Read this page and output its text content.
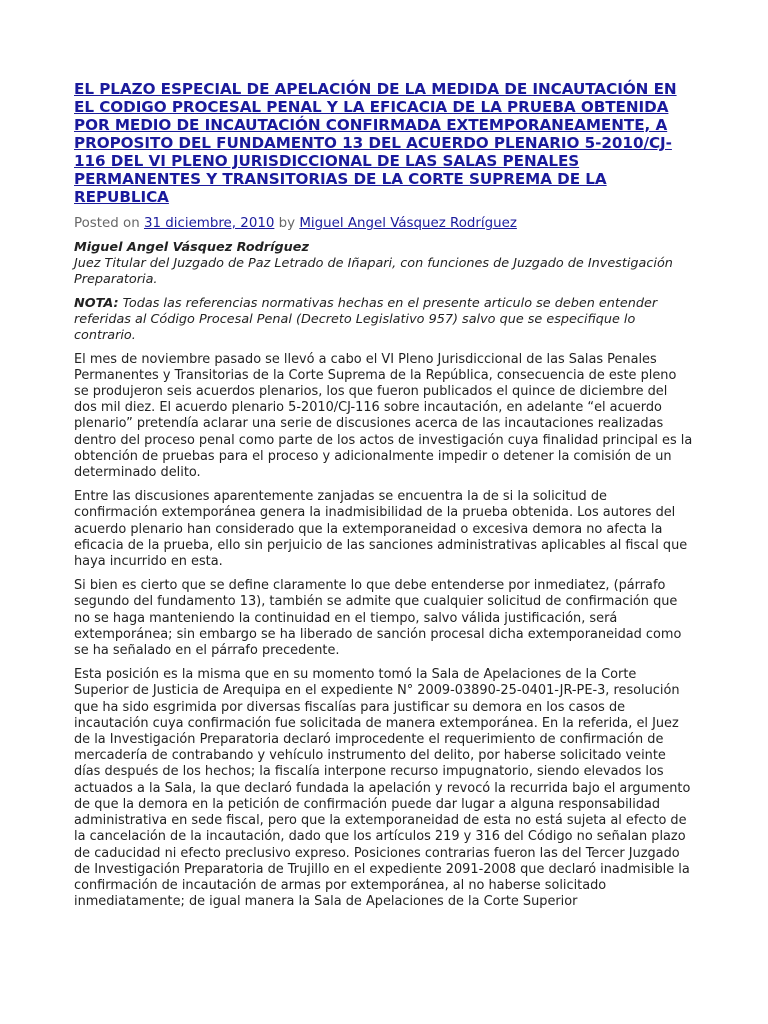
EL PLAZO ESPECIAL DE APELACIÓN DE LA MEDIDA DE INCAUTACIÓN EN EL CODIGO PROCESAL PENAL Y LA EFICACIA DE LA PRUEBA OBTENIDA POR MEDIO DE INCAUTACIÓN CONFIRMADA EXTEMPORANEAMENTE, A PROPOSITO DEL FUNDAMENTO 13 DEL ACUERDO PLENARIO 5-2010/CJ-116 DEL VI PLENO JURISDICCIONAL DE LAS SALAS PENALES PERMANENTES Y TRANSITORIAS DE LA CORTE SUPREMA DE LA REPUBLICA
Posted on 31 diciembre, 2010 by Miguel Angel Vásquez Rodríguez
Miguel Angel Vásquez Rodríguez
Juez Titular del Juzgado de Paz Letrado de Iñapari, con funciones de Juzgado de Investigación Preparatoria.
NOTA: Todas las referencias normativas hechas en el presente articulo se deben entender referidas al Código Procesal Penal (Decreto Legislativo 957) salvo que se especifique lo contrario.

El mes de noviembre pasado se llevó a cabo el VI Pleno Jurisdiccional de las Salas Penales Permanentes y Transitorias de la Corte Suprema de la República, consecuencia de este pleno se produjeron seis acuerdos plenarios, los que fueron publicados el quince de diciembre del dos mil diez. El acuerdo plenario 5-2010/CJ-116 sobre incautación, en adelante “el acuerdo plenario” pretendía aclarar una serie de discusiones acerca de las incautaciones realizadas dentro del proceso penal como parte de los actos de investigación cuya finalidad principal es la obtención de pruebas para el proceso y adicionalmente impedir o detener la comisión de un determinado delito.

Entre las discusiones aparentemente zanjadas se encuentra la de si la solicitud de confirmación extemporánea genera la inadmisibilidad de la prueba obtenida. Los autores del acuerdo plenario han considerado que la extemporaneidad o excesiva demora no afecta la eficacia de la prueba, ello sin perjuicio de las sanciones administrativas aplicables al fiscal que haya incurrido en esta.

Si bien es cierto que se define claramente lo que debe entenderse por inmediatez, (párrafo segundo del fundamento 13), también se admite que cualquier solicitud de confirmación que no se haga manteniendo la continuidad en el tiempo, salvo válida justificación, será extemporánea; sin embargo se ha liberado de sanción procesal dicha extemporaneidad como se ha señalado en el párrafo precedente.

Esta posición es la misma que en su momento tomó la Sala de Apelaciones de la Corte Superior de Justicia de Arequipa en el expediente N° 2009-03890-25-0401-JR-PE-3, resolución que ha sido esgrimida por diversas fiscalías para justificar su demora en los casos de incautación cuya confirmación fue solicitada de manera extemporánea. En la referida, el Juez de la Investigación Preparatoria declaró improcedente el requerimiento de confirmación de mercadería de contrabando y vehículo instrumento del delito, por haberse solicitado veinte días después de los hechos; la fiscalía interpone recurso impugnatorio, siendo elevados los actuados a la Sala, la que declaró fundada la apelación y revocó la recurrida bajo el argumento de que la demora en la petición de confirmación puede dar lugar a alguna responsabilidad administrativa en sede fiscal, pero que la extemporaneidad de esta no está sujeta al efecto de la cancelación de la incautación, dado que los artículos 219 y 316 del Código no señalan plazo de caducidad ni efecto preclusivo expreso. Posiciones contrarias fueron las del Tercer Juzgado de Investigación Preparatoria de Trujillo en el expediente 2091-2008 que declaró inadmisible la confirmación de incautación de armas por extemporánea, al no haberse solicitado inmediatamente; de igual manera la Sala de Apelaciones de la Corte Superior
